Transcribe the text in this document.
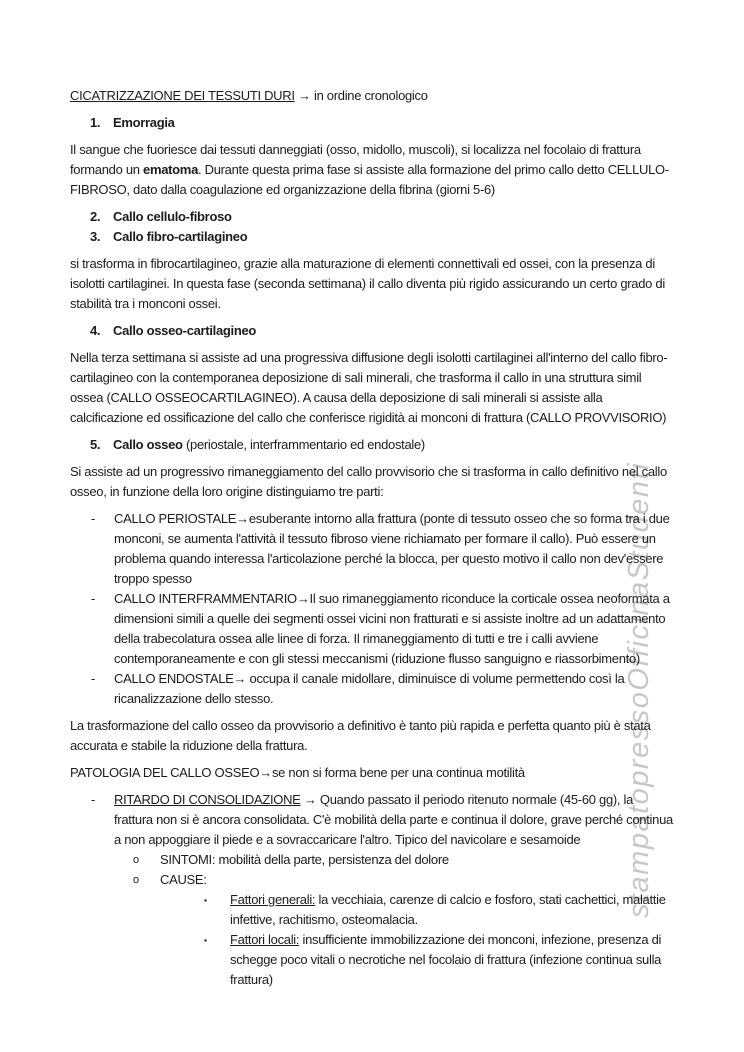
stampatopressoOfficinaStudenti
CICATRIZZAZIONE DEI TESSUTI DURI → in ordine cronologico
1. Emorragia
Il sangue che fuoriesce dai tessuti danneggiati (osso, midollo, muscoli), si localizza nel focolaio di frattura formando un ematoma. Durante questa prima fase si assiste alla formazione del primo callo detto CELLULO-FIBROSO, dato dalla coagulazione ed organizzazione della fibrina (giorni 5-6)
2. Callo cellulo-fibroso
3. Callo fibro-cartilagineo
si trasforma in fibrocartilagineo, grazie alla maturazione di elementi connettivali ed ossei, con la presenza di isolotti cartilaginei. In questa fase (seconda settimana) il callo diventa più rigido assicurando un certo grado di stabilità tra i monconi ossei.
4. Callo osseo-cartilagineo
Nella terza settimana si assiste ad una progressiva diffusione degli isolotti cartilaginei all'interno del callo fibro-cartilagineo con la contemporanea deposizione di sali minerali, che trasforma il callo in una struttura simil ossea (CALLO OSSEOCARTILAGINEO). A causa della deposizione di sali minerali si assiste alla calcificazione ed ossificazione del callo che conferisce rigidità ai monconi di frattura (CALLO PROVVISORIO)
5. Callo osseo (periostale, interframmentario ed endostale)
Si assiste ad un progressivo rimaneggiamento del callo provvisorio che si trasforma in callo definitivo nel callo osseo, in funzione della loro origine distinguiamo tre parti:
-	CALLO PERIOSTALE→esuberante intorno alla frattura (ponte di tessuto osseo che so forma tra i due monconi, se aumenta l'attività il tessuto fibroso viene richiamato per formare il callo). Può essere un problema quando interessa l'articolazione perché la blocca, per questo motivo il callo non dev'essere troppo spesso
-	CALLO INTERFRAMMENTARIO→Il suo rimaneggiamento riconduce la corticale ossea neoformata a dimensioni simili a quelle dei segmenti ossei vicini non fratturati e si assiste inoltre ad un adattamento della trabecolatura ossea alle linee di forza. Il rimaneggiamento di tutti e tre i calli avviene contemporaneamente e con gli stessi meccanismi (riduzione flusso sanguigno e riassorbimento)
-	CALLO ENDOSTALE→ occupa il canale midollare, diminuisce di volume permettendo così la ricanalizzazione dello stesso.
La trasformazione del callo osseo da provvisorio a definitivo è tanto più rapida e perfetta quanto più è stata accurata e stabile la riduzione della frattura.
PATOLOGIA DEL CALLO OSSEO→se non si forma bene per una continua motilità
-	RITARDO DI CONSOLIDAZIONE → Quando passato il periodo ritenuto normale (45-60 gg), la frattura non si è ancora consolidata. C'è mobilità della parte e continua il dolore, grave perché continua a non appoggiare il piede e a sovraccaricare l'altro. Tipico del navicolare e sesamoide
o	SINTOMI: mobilità della parte, persistenza del dolore
o	CAUSE:
▪	Fattori generali: la vecchiaia, carenze di calcio e fosforo, stati cachettici, malattie infettive, rachitismo, osteomalacia.
▪	Fattori locali: insufficiente immobilizzazione dei monconi, infezione, presenza di schegge poco vitali o necrotiche nel focolaio di frattura (infezione continua sulla frattura)
